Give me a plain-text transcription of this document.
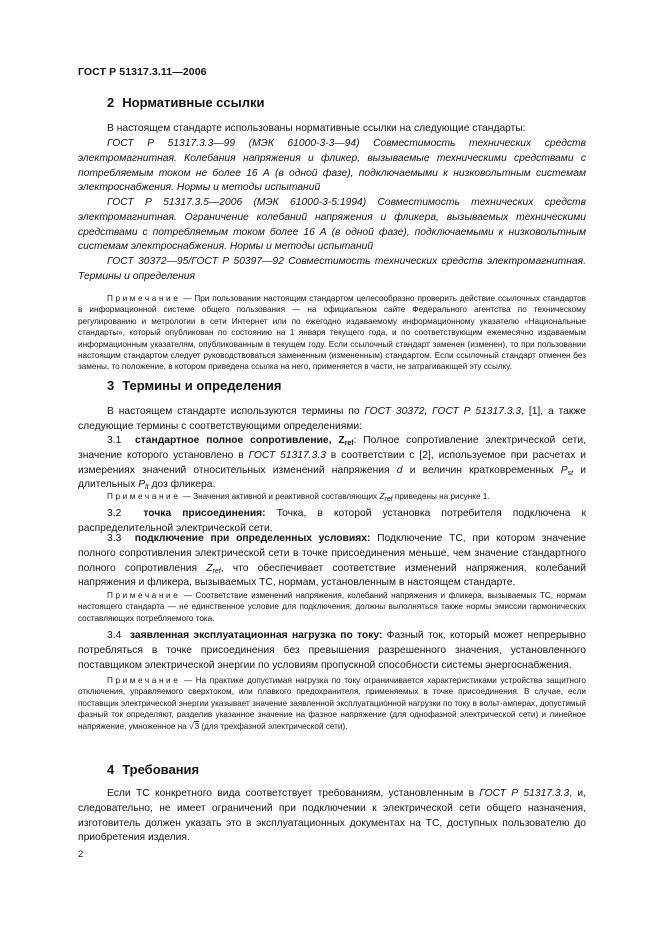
ГОСТ Р 51317.3.11—2006
2 Нормативные ссылки
В настоящем стандарте использованы нормативные ссылки на следующие стандарты:
ГОСТ Р 51317.3.3—99 (МЭК 61000-3-3—94) Совместимость технических средств электромагнитная. Колебания напряжения и фликер, вызываемые техническими средствами с потребляемым током не более 16 А (в одной фазе), подключаемыми к низковольтным системам электроснабжения. Нормы и методы испытаний
ГОСТ Р 51317.3.5—2006 (МЭК 61000-3-5:1994) Совместимость технических средств электромагнитная. Ограничение колебаний напряжения и фликера, вызываемых техническими средствами с потребляемым током более 16 А (в одной фазе), подключаемыми к низковольтным системам электроснабжения. Нормы и методы испытаний
ГОСТ 30372—95/ГОСТ Р 50397—92 Совместимость технических средств электромагнитная. Термины и определения
Примечание — При пользовании настоящим стандартом целесообразно проверить действие ссылочных стандартов в информационной системе общего пользования — на официальном сайте Федерального агентства по техническому регулированию и метрологии в сети Интернет или по ежегодно издаваемому информационному указателю «Национальные стандарты», который опубликован по состоянию на 1 января текущего года, и по соответствующим ежемесячно издаваемым информационным указателям, опубликованным в текущем году. Если ссылочный стандарт заменен (изменен), то при пользовании настоящим стандартом следует руководствоваться замененным (измененным) стандартом. Если ссылочный стандарт отменен без замены, то положение, в котором приведена ссылка на него, применяется в части, не затрагивающей эту ссылку.
3 Термины и определения
В настоящем стандарте используются термины по ГОСТ 30372, ГОСТ Р 51317.3.3, [1], а также следующие термины с соответствующими определениями:
3.1 стандартное полное сопротивление, $Z_{ref}$: Полное сопротивление электрической сети, значение которого установлено в ГОСТ 51317.3.3 в соответствии с [2], используемое при расчетах и измерениях значений относительных изменений напряжения d и величин кратковременных $P_{st}$ и длительных $P_{lt}$ доз фликера.
Примечание — Значения активной и реактивной составляющих $Z_{ref}$ приведены на рисунке 1.
3.2 точка присоединения: Точка, в которой установка потребителя подключена к распределительной электрической сети.
3.3 подключение при определенных условиях: Подключение ТС, при котором значение полного сопротивления электрической сети в точке присоединения меньше, чем значение стандартного полного сопротивления $Z_{ref}$, что обеспечивает соответствие изменений напряжения, колебаний напряжения и фликера, вызываемых ТС, нормам, установленным в настоящем стандарте.
Примечание — Соответствие изменений напряжения, колебаний напряжения и фликера, вызываемых ТС, нормам настоящего стандарта — не единственное условие для подключения; должны выполняться также нормы эмиссии гармонических составляющих потребляемого тока.
3.4 заявленная эксплуатационная нагрузка по току: Фазный ток, который может непрерывно потребляться в точке присоединения без превышения разрешенного значения, установленного поставщиком электрической энергии по условиям пропускной способности системы энергоснабжения.
Примечание — На практике допустимая нагрузка по току ограничивается характеристиками устройства защитного отключения, управляемого сверхтоком, или плавкого предохранителя, применяемых в точке присоединения. В случае, если поставщик электрической энергии указывает значение заявленной эксплуатационной нагрузки по току в вольт-амперах, допустимый фазный ток определяют, разделив указанное значение на фазное напряжение (для однофазной электрической сети) и линейное напряжение, умноженное на √3 (для трехфазной электрической сети).
4 Требования
Если ТС конкретного вида соответствует требованиям, установленным в ГОСТ Р 51317.3.3, и, следовательно, не имеет ограничений при подключении к электрической сети общего назначения, изготовитель должен указать это в эксплуатационных документах на ТС, доступных пользователю до приобретения изделия.
2
